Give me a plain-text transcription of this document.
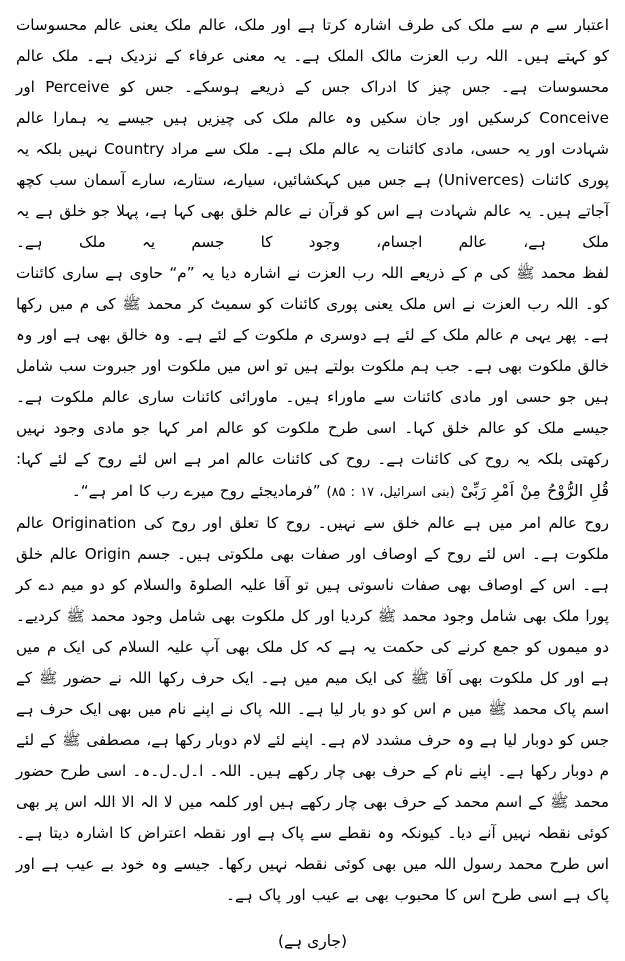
اعتبار سے م سے ملک کی طرف اشارہ کرتا ہے اور ملک، عالم ملک یعنی عالم محسوسات کو کہتے ہیں۔ اللہ رب العزت مالک الملک ہے۔ یہ معنی عرفاء کے نزدیک ہے۔ ملک عالم محسوسات ہے۔ جس چیز کا ادراک جس کے ذریعے ہوسکے۔ جس کو Perceive اور Conceive کرسکیں اور جان سکیں وہ عالم ملک کی چیزیں ہیں جیسے یہ ہمارا عالم شہادت اور یہ حسی، مادی کائنات یہ عالم ملک ہے۔ ملک سے مراد Country نہیں بلکہ یہ پوری کائنات (Univerces) ہے جس میں کہکشائیں، سیارے، ستارے، سارے آسمان سب کچھ آجاتے ہیں۔ یہ عالم شہادت ہے اس کو قرآن نے عالم خلق بھی کہا ہے، پہلا جو خلق ہے یہ ملک ہے، عالم اجسام، وجود کا جسم یہ ملک ہے۔

لفظ محمد ﷺ کی م کے ذریعے اللہ رب العزت نے اشارہ دیا یہ ”م“ حاوی ہے ساری کائنات کو۔ اللہ رب العزت نے اس ملک یعنی پوری کائنات کو سمیٹ کر محمد ﷺ کی م میں رکھا ہے۔ پھر یہی م عالم ملک کے لئے ہے دوسری م ملکوت کے لئے ہے۔ وہ خالق بھی ہے اور وہ خالق ملکوت بھی ہے۔ جب ہم ملکوت بولتے ہیں تو اس میں ملکوت اور جبروت سب شامل ہیں جو حسی اور مادی کائنات سے ماوراء ہیں۔ ماورائی کائنات ساری عالم ملکوت ہے۔ جیسے ملک کو عالم خلق کہا۔ اسی طرح ملکوت کو عالم امر کہا جو مادی وجود نہیں رکھتی بلکہ یہ روح کی کائنات ہے۔ روح کی کائنات عالم امر ہے اس لئے روح کے لئے کہا:

قُلِ الرُّوْحُ مِنْ اَمْرِ رَبِّیْ (بنی اسرائیل، ۱۷ : ۸۵) ”فرمادیجئے روح میرے رب کا امر ہے“۔

روح عالم امر میں ہے عالم خلق سے نہیں۔ روح کا تعلق اور روح کی Origination عالم ملکوت ہے۔ اس لئے روح کے اوصاف اور صفات بھی ملکوتی ہیں۔ جسم Origin عالم خلق ہے۔ اس کے اوصاف بھی صفات ناسوتی ہیں تو آقا علیہ الصلوۃ والسلام کو دو میم دے کر پورا ملک بھی شامل وجود محمد ﷺ کردیا اور کل ملکوت بھی شامل وجود محمد ﷺ کردیے۔ دو میموں کو جمع کرنے کی حکمت یہ ہے کہ کل ملک بھی آپ علیہ السلام کی ایک م میں ہے اور کل ملکوت بھی آقا ﷺ کی ایک میم میں ہے۔ ایک حرف رکھا اللہ نے حضور ﷺ کے اسم پاک محمد ﷺ میں م اس کو دو بار لیا ہے۔ اللہ پاک نے اپنے نام میں بھی ایک حرف ہے جس کو دوبار لیا ہے وہ حرف مشدد لام ہے۔ اپنے لئے لام دوبار رکھا ہے، مصطفی ﷺ کے لئے م دوبار رکھا ہے۔ اپنے نام کے حرف بھی چار رکھے ہیں۔ اللہ۔ ا۔ل۔ل۔ہ۔ اسی طرح حضور محمد ﷺ کے اسم محمد کے حرف بھی چار رکھے ہیں اور کلمہ میں لا الہ الا اللہ اس پر بھی کوئی نقطہ نہیں آنے دیا۔ کیونکہ وہ نقطے سے پاک ہے اور نقطہ اعتراض کا اشارہ دیتا ہے۔ اس طرح محمد رسول اللہ میں بھی کوئی نقطہ نہیں رکھا۔ جیسے وہ خود بے عیب ہے اور پاک ہے اسی طرح اس کا محبوب بھی بے عیب اور پاک ہے۔

(جاری ہے)
